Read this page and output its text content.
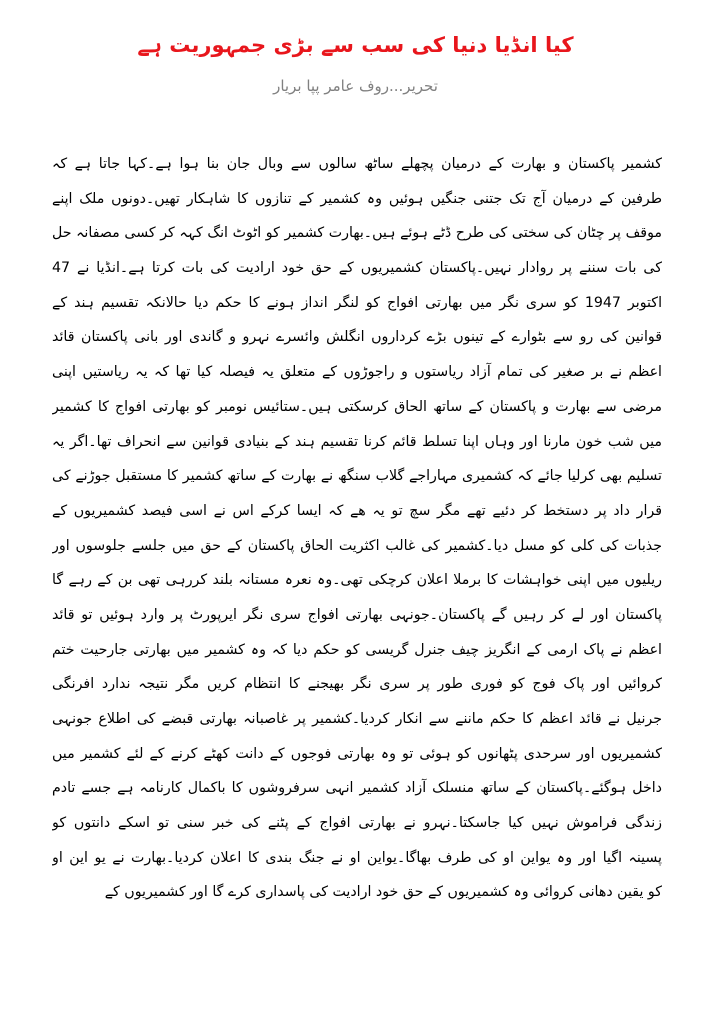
کیا انڈیا دنیا کی سب سے بڑی جمہوریت ہے
تحریر...روف عامر پپا بریار
کشمیر پاکستان و بھارت کے درمیان پچھلے ساٹھ سالوں سے وبال جان بنا ہوا ہے۔کہا جاتا ہے کہ
طرفین کے درمیان آج تک جتنی جنگیں ہوئیں وہ کشمیر کے تنازوں کا شاہکار تھیں۔دونوں ملک اپنے
موقف پر چٹان کی سختی کی طرح ڈٹے ہوئے ہیں۔بھارت کشمیر کو اٹوٹ انگ کہہ کر کسی مصفانہ حل
کی بات سننے پر روادار نہیں۔پاکستان کشمیریوں کے حق خود ارادیت کی بات کرتا ہے۔انڈیا نے 47
اکتوبر 1947 کو سری نگر میں بھارتی افواج کو لنگر انداز ہونے کا حکم دیا حالانکہ تقسیم ہند کے
قوانین کی رو سے بٹوارے کے تینوں بڑے کرداروں انگلش وائسرے نہرو و گاندی اور بانی پاکستان قائد
اعظم نے بر صغیر کی تمام آزاد ریاستوں و راجوڑوں کے متعلق یہ فیصلہ کیا تھا کہ یہ ریاستیں اپنی
مرضی سے بھارت و پاکستان کے ساتھ الحاق کرسکتی ہیں۔ستائیس نومبر کو بھارتی افواج کا کشمیر
میں شب خون مارنا اور وہاں اپنا تسلط قائم کرنا تقسیم ہند کے بنیادی قوانین سے انحراف تھا۔اگر یہ
تسلیم بھی کرلیا جائے کہ کشمیری مہاراجے گلاب سنگھ نے بھارت کے ساتھ کشمیر کا مستقبل جوڑنے کی
قرار داد پر دستخط کر دئیے تھے مگر سچ تو یہ ھے کہ ایسا کرکے اس نے اسی فیصد کشمیریوں کے
جذبات کی کلی کو مسل دیا۔کشمیر کی غالب اکثریت الحاق پاکستان کے حق میں جلسے جلوسوں اور
ریلیوں میں اپنی خواہشات کا برملا اعلان کرچکی تھی۔وہ نعرہ مستانہ بلند کررہی تھی بن کے رہے گا
پاکستان اور لے کر رہیں گے پاکستان۔جونہی بھارتی افواج سری نگر ایرپورٹ پر وارد ہوئیں تو قائد
اعظم نے پاک ارمی کے انگریز چیف جنرل گریسی کو حکم دیا کہ وہ کشمیر میں بھارتی جارحیت ختم
کروائیں اور پاک فوج کو فوری طور پر سری نگر بھیجنے کا انتظام کریں مگر نتیجہ ندارد افرنگی
جرنیل نے قائد اعظم کا حکم ماننے سے انکار کردیا۔کشمیر پر غاصبانہ بھارتی قبضے کی اطلاع جونہی
کشمیریوں اور سرحدی پٹھانوں کو ہوئی تو وہ بھارتی فوجوں کے دانت کھٹے کرنے کے لئے کشمیر میں
داخل ہوگئے۔پاکستان کے ساتھ منسلک آزاد کشمیر انہی سرفروشوں کا باکمال کارنامہ ہے جسے تادم
زندگی فراموش نہیں کیا جاسکتا۔نہرو نے بھارتی افواج کے پٹنے کی خبر سنی تو اسکے دانتوں کو
پسینہ اگیا اور وہ یواین او کی طرف بھاگا۔یواین او نے جنگ بندی کا اعلان کردیا۔بھارت نے یو این او
کو یقین دھانی کروائی وہ کشمیریوں کے حق خود ارادیت کی پاسداری کرے گا اور کشمیریوں کے
